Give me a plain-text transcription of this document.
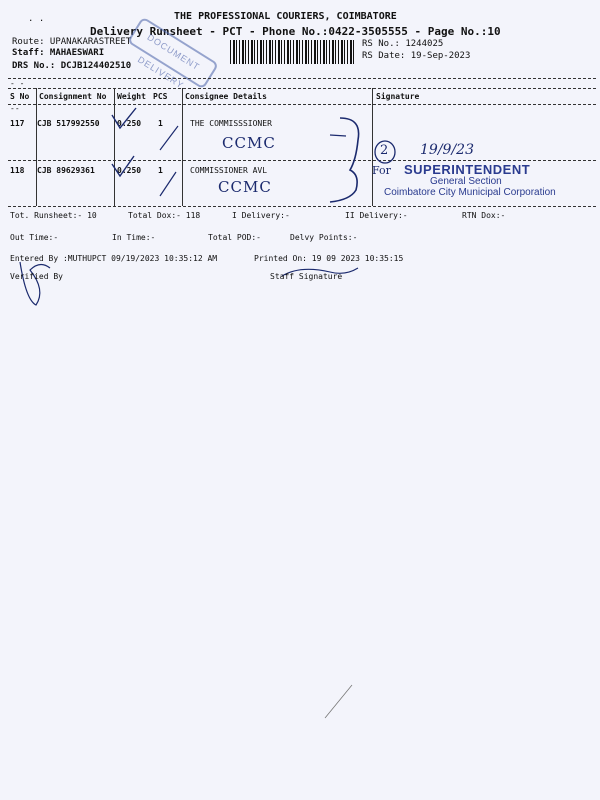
. .	THE PROFESSIONAL COURIERS, COIMBATORE
Delivery Runsheet - PCT - Phone No.:0422-3505555 - Page No.:10
Route: UPANAKARASTREET
Staff: MAHAESWARI
DRS No.: DCJB124402510	DOCUMENT DELIVERY
RS No.: 1244025
RS Date: 19-Sep-2023
- -
S No Consignment No Weight PCS Consignee Details	Signature
--
117 CJB 517992550 0.250 1	THE COMMISSSIONER
CCMC
118 CJB 89629361	0.250 1	COMMISSIONER AVL
CCMC
2 19/9/23
For SUPERINTENDENT
General Section
Coimbatore City Municipal Corporation
Tot. Runsheet:- 10	Total Dox:- 118	I Delivery:-	II Delivery:-	RTN Dox:-
Out Time:-	In Time:-	Total POD:-	Delvy Points:-
Entered By :MUTHUPCT 09/19/2023 10:35:12 AM	Printed On: 19 09 2023 10:35:15
Verified By	Staff Signature
